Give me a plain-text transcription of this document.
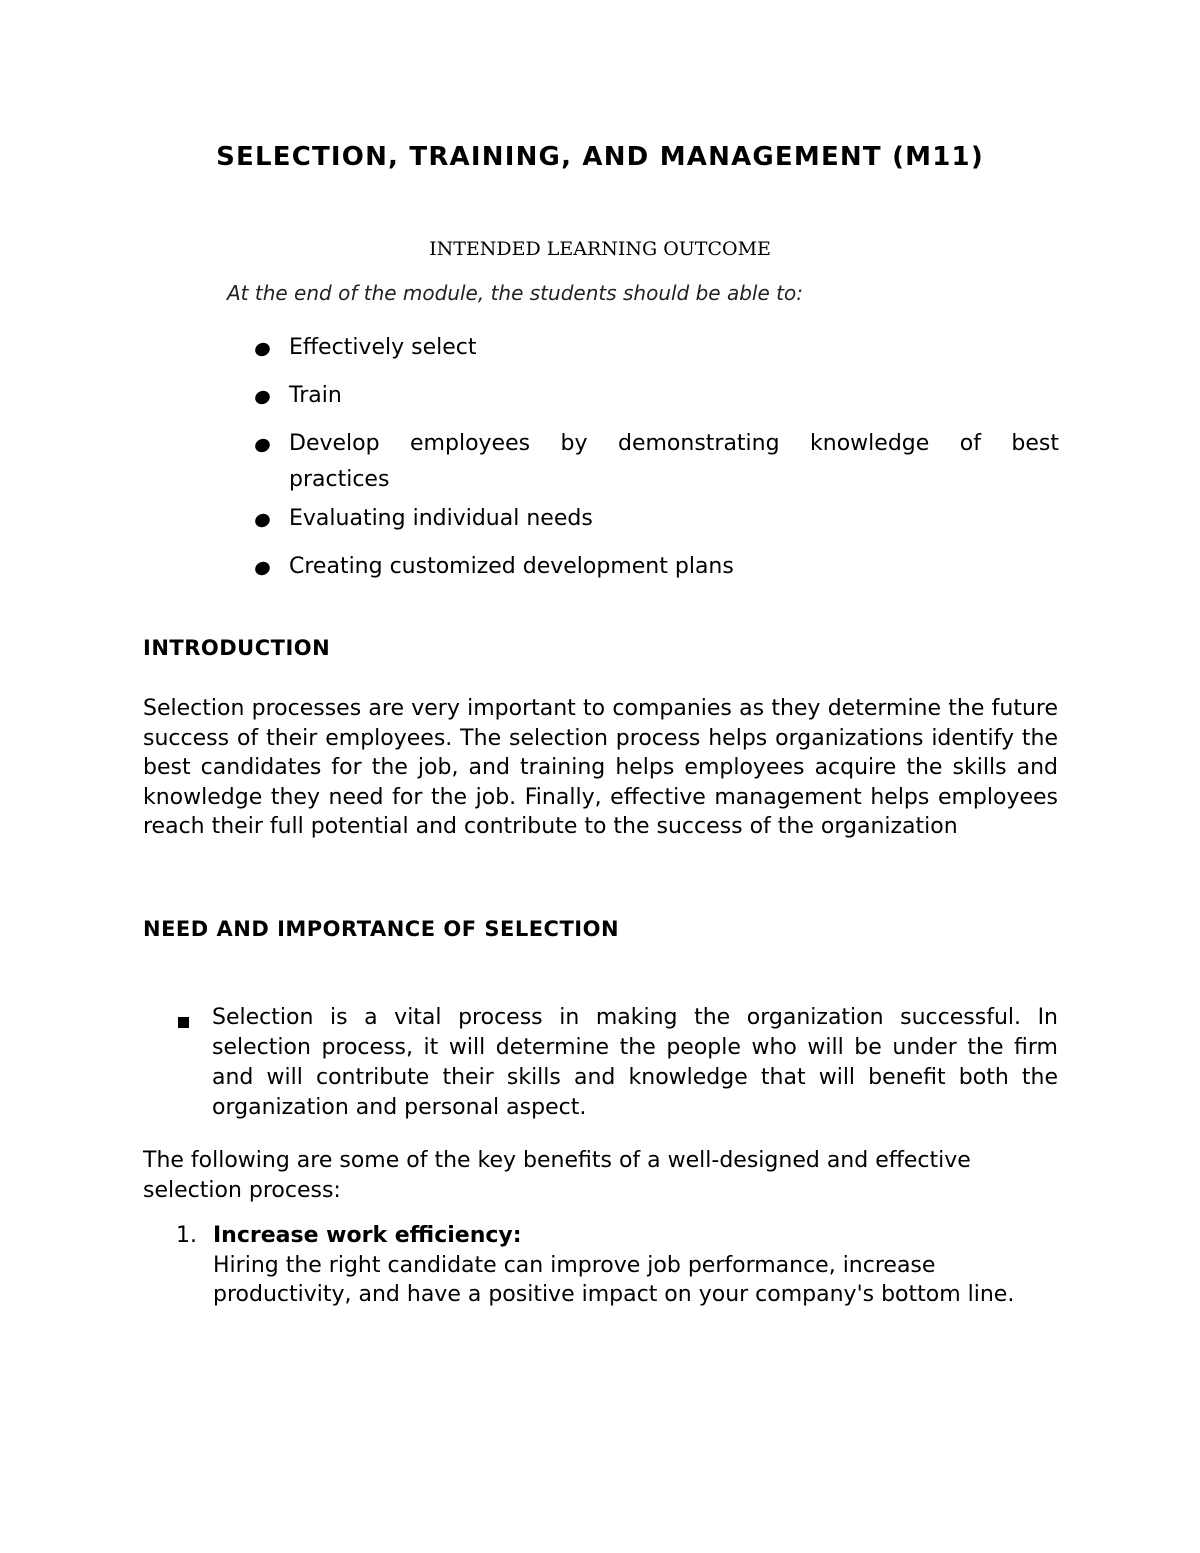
SELECTION, TRAINING, AND MANAGEMENT (M11)
INTENDED LEARNING OUTCOME
At the end of the module, the students should be able to:
Effectively select
Train
Develop employees by demonstrating knowledge of best
practices
Evaluating individual needs
Creating customized development plans
INTRODUCTION
Selection processes are very important to companies as they determine the future success of their employees. The selection process helps organizations identify the best candidates for the job, and training helps employees acquire the skills and knowledge they need for the job. Finally, effective management helps employees reach their full potential and contribute to the success of the organization
NEED AND IMPORTANCE OF SELECTION
Selection is a vital process in making the organization successful. In selection process, it will determine the people who will be under the firm and will contribute their skills and knowledge that will benefit both the organization and personal aspect.
The following are some of the key benefits of a well-designed and effective selection process:
1. Increase work efficiency:
Hiring the right candidate can improve job performance, increase productivity, and have a positive impact on your company's bottom line.
